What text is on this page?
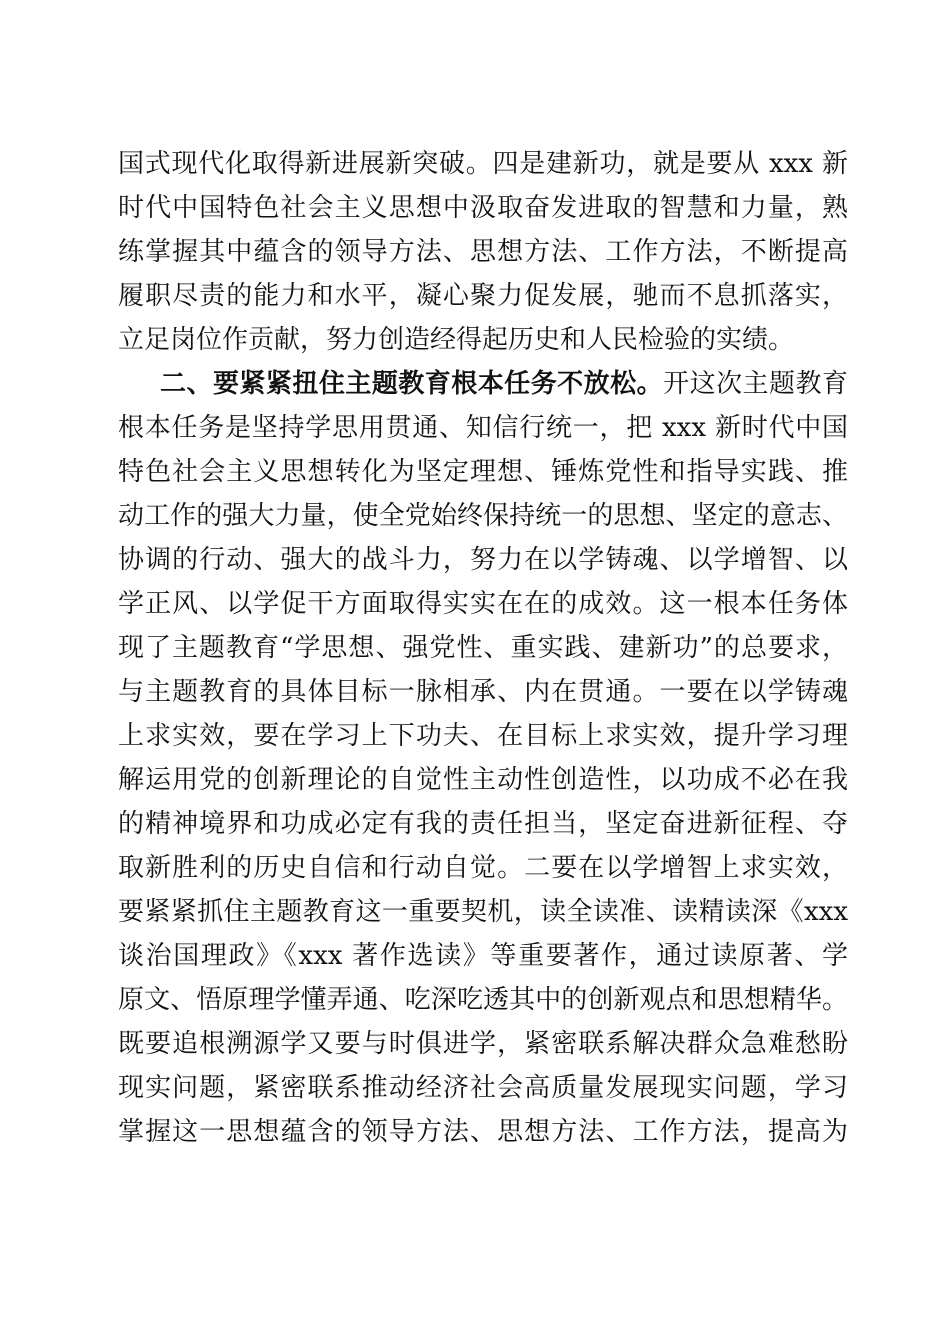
国式现代化取得新进展新突破。四是建新功，就是要从 xxx 新
时代中国特色社会主义思想中汲取奋发进取的智慧和力量，熟
练掌握其中蕴含的领导方法、思想方法、工作方法，不断提高
履职尽责的能力和水平，凝心聚力促发展，驰而不息抓落实，
立足岗位作贡献，努力创造经得起历史和人民检验的实绩。
二、要紧紧扭住主题教育根本任务不放松。开这次主题教育
根本任务是坚持学思用贯通、知信行统一，把 xxx 新时代中国
特色社会主义思想转化为坚定理想、锤炼党性和指导实践、推
动工作的强大力量，使全党始终保持统一的思想、坚定的意志、
协调的行动、强大的战斗力，努力在以学铸魂、以学增智、以
学正风、以学促干方面取得实实在在的成效。这一根本任务体
现了主题教育“学思想、强党性、重实践、建新功”的总要求，
与主题教育的具体目标一脉相承、内在贯通。一要在以学铸魂
上求实效，要在学习上下功夫、在目标上求实效，提升学习理
解运用党的创新理论的自觉性主动性创造性，以功成不必在我
的精神境界和功成必定有我的责任担当，坚定奋进新征程、夺
取新胜利的历史自信和行动自觉。二要在以学增智上求实效，
要紧紧抓住主题教育这一重要契机，读全读准、读精读深《xxx
谈治国理政》《xxx 著作选读》等重要著作，通过读原著、学
原文、悟原理学懂弄通、吃深吃透其中的创新观点和思想精华。
既要追根溯源学又要与时俱进学，紧密联系解决群众急难愁盼
现实问题，紧密联系推动经济社会高质量发展现实问题，学习
掌握这一思想蕴含的领导方法、思想方法、工作方法，提高为
